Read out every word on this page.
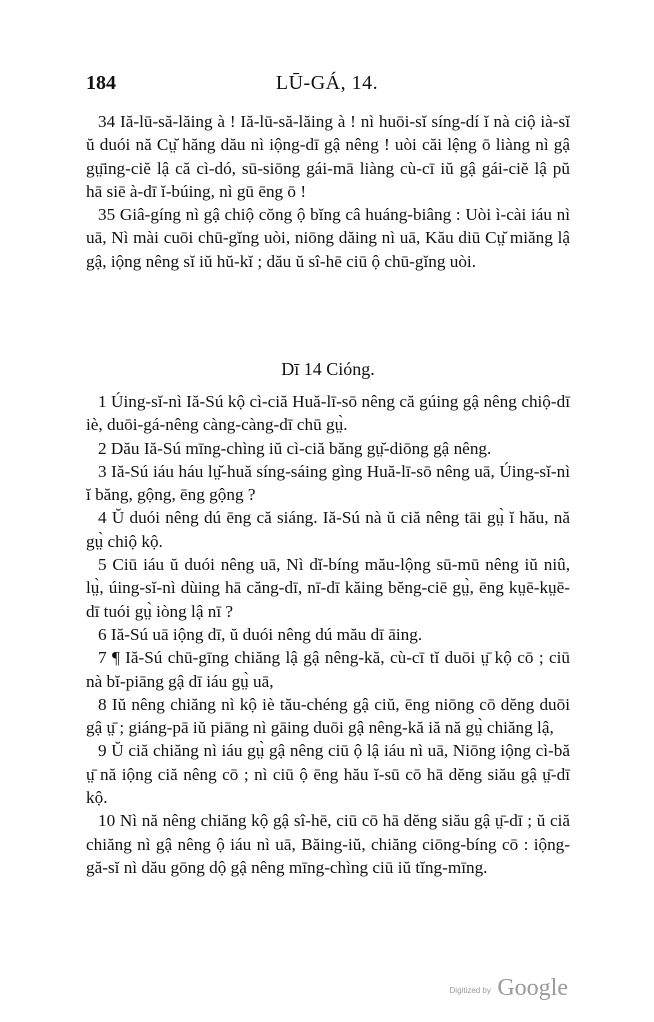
184	LŪ-GÁ, 14.

34 Iă-lū-să-lăing à ! Iă-lū-să-lăing à ! nì huōi-sĭ síng-dí ĭ nà ciộ ià-sĭ ŭ duói nă Cṳ̆ hăng dău nì iộng-dī gậ nêng ! uòi căi lệng ō liàng nì gậ gṳ̄ing-ciĕ lậ că cì-dó, sū-siōng gái-mā liàng cù-cī iŭ gậ gái-ciĕ lậ pŭ hā siē à-dī ĭ-búing, nì gū ēng ō !

35 Giâ-gíng nì gậ chiộ cŏng ộ bĭng câ huáng-biâng : Uòi ì-cài iáu nì uā, Nì mài cuōi chū-gĭng uòi, niōng dăing nì uā, Kău diū Cṳ̆ miăng lậ gậ, iộng nêng sĭ iŭ hŭ-kĭ ; dău ŭ sî-hē ciū ộ chū-gĭng uòi.

Dī 14 Cióng.

1 Úing-sĭ-nì Iă-Sú kộ cì-ciă Huă-lī-sō nêng că gúing gậ nêng chiộ-dī iè, duōi-gá-nêng càng-càng-dī chū gṳ̀.

2 Dău Iă-Sú mīng-chìng iŭ cì-ciă băng gṳ̆-diōng gậ nêng.

3 Iă-Sú iáu háu lṳ̆-huă síng-sáing gìng Huă-lī-sō nêng uā, Úing-sĭ-nì ĭ băng, gộng, ēng gộng ?

4 Ŭ duói nêng dú ēng că siáng. Iă-Sú nà ŭ ciă nêng tāi gṳ̀ ĭ hău, nă gṳ̀ chiộ kộ.

5 Ciū iáu ŭ duói nêng uā, Nì dĭ-bíng mău-lộng sū-mū nêng iŭ niû, lṳ̀, úing-sĭ-nì dùing hā căng-dī, nī-dī kăing bĕng-ciē gṳ̀, ēng kṳē-kṳē-dī tuói gṳ̀ iòng lậ nī ?

6 Iă-Sú uā iộng dī, ŭ duói nêng dú mău dī āing.

7 ¶ Iă-Sú chū-gīng chiăng lậ gậ nêng-kă, cù-cī tĭ duōi ṳ̄ kộ cō ; ciū nà bĭ-piāng gậ dī iáu gṳ̀ uā,

8 Iŭ nêng chiăng nì kộ iè tău-chéng gậ ciŭ, ēng niōng cō dĕng duōi gậ ṳ̄ ; giáng-pā iŭ piāng nì gāing duōi gậ nêng-kă iă nă gṳ̀ chiăng lậ,

9 Ŭ ciă chiăng nì iáu gṳ̀ gậ nêng ciū ộ lậ iáu nì uā, Niōng iộng cì-bă ṳ̄ nă iộng ciă nêng cō ; nì ciū ộ ēng hău ĭ-sū cō hā dĕng siău gậ ṳ̄-dī kộ.

10 Nì nă nêng chiăng kộ gậ sî-hē, ciū cō hā dĕng siău gậ ṳ̄-dī ; ŭ ciă chiăng nì gậ nêng ộ iáu nì uā, Băing-iŭ, chiăng ciōng-bíng cō : iộng-gă-sĭ nì dău gōng dộ gậ nêng mīng-chìng ciū iŭ tĭng-mīng.

Digitized by Google
